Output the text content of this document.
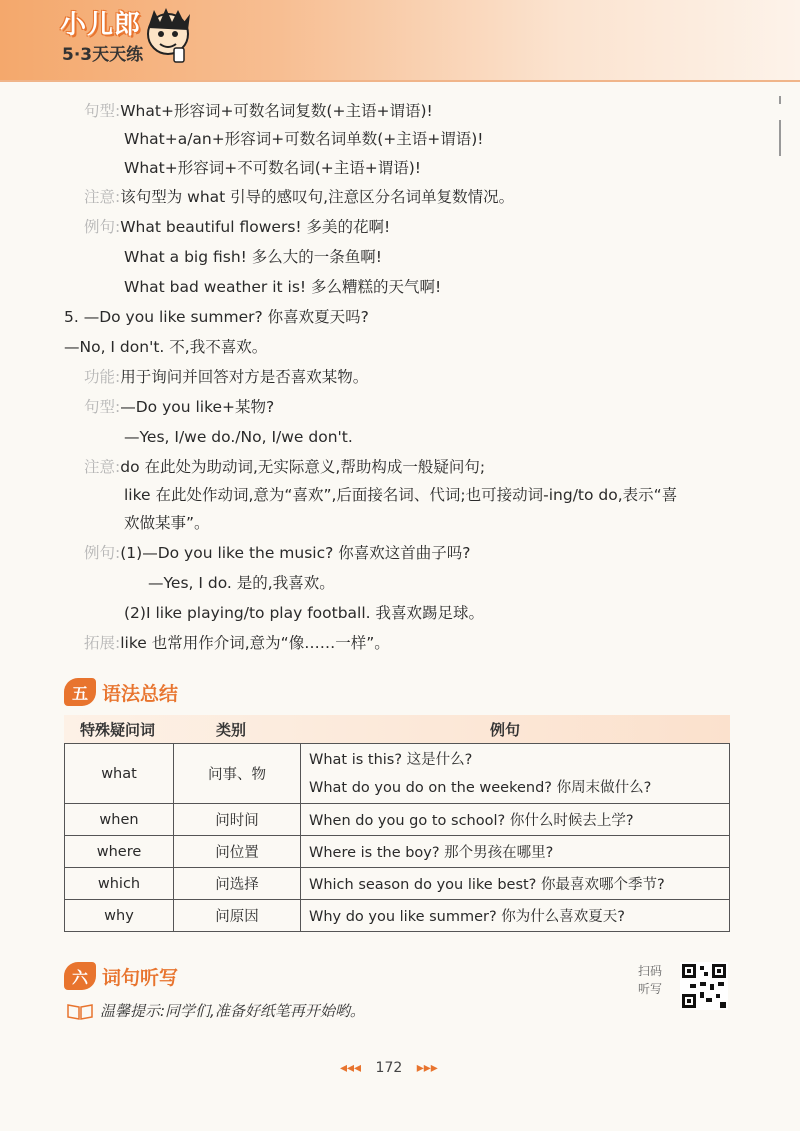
小儿郎
5·3天天练
句型:What+形容词+可数名词复数(+主语+谓语)!
What+a/an+形容词+可数名词单数(+主语+谓语)!
What+形容词+不可数名词(+主语+谓语)!
注意:该句型为 what 引导的感叹句,注意区分名词单复数情况。
例句:What beautiful flowers! 多美的花啊!
What a big fish! 多么大的一条鱼啊!
What bad weather it is! 多么糟糕的天气啊!
5. —Do you like summer? 你喜欢夏天吗?
—No, I don't. 不,我不喜欢。
功能:用于询问并回答对方是否喜欢某物。
句型:—Do you like+某物?
—Yes, I/we do./No, I/we don't.
注意:do 在此处为助动词,无实际意义,帮助构成一般疑问句;
like 在此处作动词,意为“喜欢”,后面接名词、代词;也可接动词-ing/to do,表示“喜
欢做某事”。
例句:(1)—Do you like the music? 你喜欢这首曲子吗?
—Yes, I do. 是的,我喜欢。
(2)I like playing/to play football. 我喜欢踢足球。
拓展:like 也常用作介词,意为“像……一样”。
五 语法总结
特殊疑问词	类别	例句
what	问事、物	What is this? 这是什么?
What do you do on the weekend? 你周末做什么?

when	问时间	When do you go to school? 你什么时候去上学?
where	问位置	Where is the boy? 那个男孩在哪里?
which	问选择	Which season do you like best? 你最喜欢哪个季节?
why	问原因	Why do you like summer? 你为什么喜欢夏天?
六 词句听写	扫码
听写
温馨提示:同学们,准备好纸笔再开始哟。
◂◂◂ 172 ▸▸▸
